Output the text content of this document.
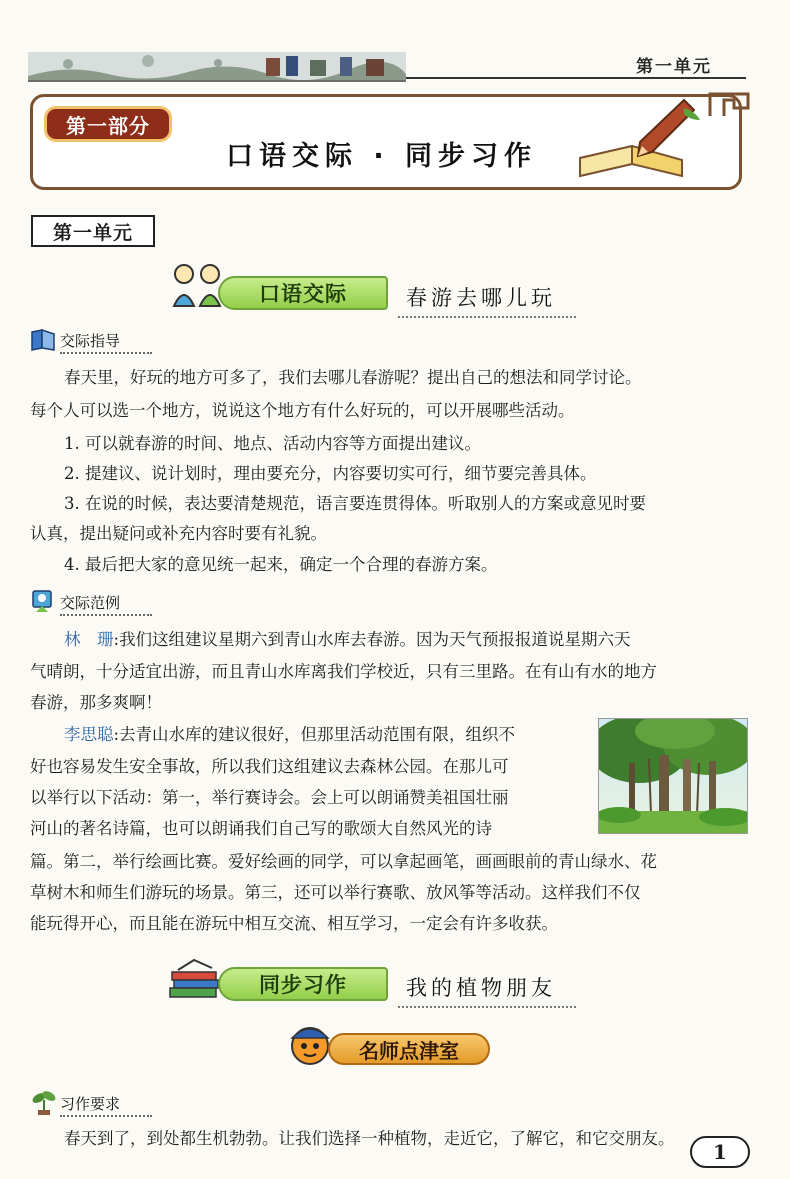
第一单元
第一部分
口语交际 · 同步习作
第一单元
口语交际	春游去哪儿玩
交际指导
春天里，好玩的地方可多了，我们去哪儿春游呢？提出自己的想法和同学讨论。
每个人可以选一个地方，说说这个地方有什么好玩的，可以开展哪些活动。
1. 可以就春游的时间、地点、活动内容等方面提出建议。
2. 提建议、说计划时，理由要充分，内容要切实可行，细节要完善具体。
3. 在说的时候，表达要清楚规范，语言要连贯得体。听取别人的方案或意见时要
认真，提出疑问或补充内容时要有礼貌。
4. 最后把大家的意见统一起来，确定一个合理的春游方案。
交际范例
林　珊:我们这组建议星期六到青山水库去春游。因为天气预报报道说星期六天
气晴朗，十分适宜出游，而且青山水库离我们学校近，只有三里路。在有山有水的地方
春游，那多爽啊！
李思聪:去青山水库的建议很好，但那里活动范围有限，组织不
好也容易发生安全事故，所以我们这组建议去森林公园。在那儿可
以举行以下活动：第一，举行赛诗会。会上可以朗诵赞美祖国壮丽
河山的著名诗篇，也可以朗诵我们自己写的歌颂大自然风光的诗
篇。第二，举行绘画比赛。爱好绘画的同学，可以拿起画笔，画画眼前的青山绿水、花
草树木和师生们游玩的场景。第三，还可以举行赛歌、放风筝等活动。这样我们不仅
能玩得开心，而且能在游玩中相互交流、相互学习，一定会有许多收获。
同步习作	我的植物朋友
名师点津室
习作要求
春天到了，到处都生机勃勃。让我们选择一种植物，走近它，了解它，和它交朋友。
1
